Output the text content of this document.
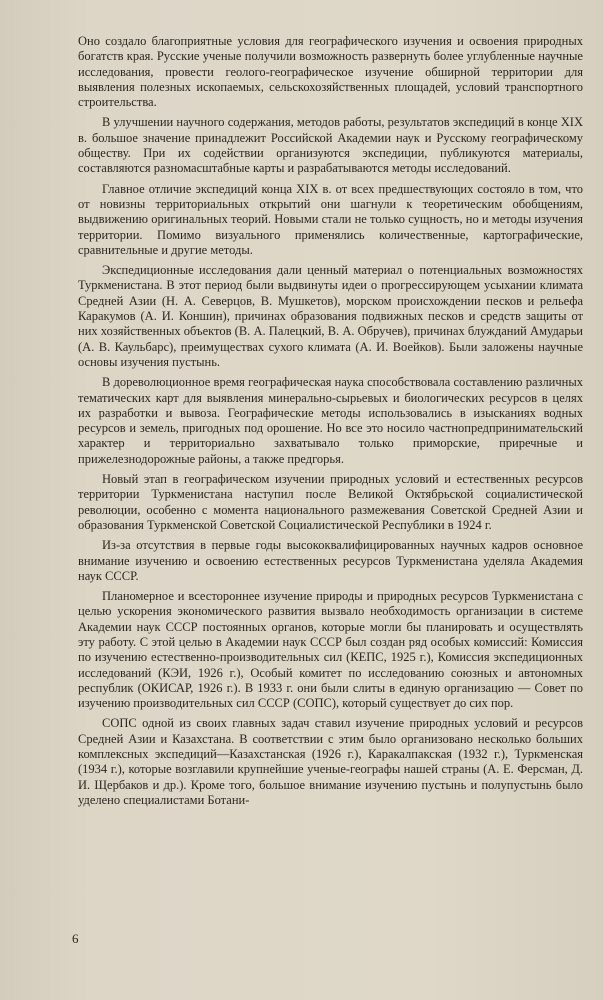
Оно создало благоприятные условия для географического изучения и освоения природных богатств края. Русские ученые получили возможность развернуть более углубленные научные исследования, провести геолого-географическое изучение обширной территории для выявления полезных ископаемых, сельскохозяйственных площадей, условий транспортного строительства.

В улучшении научного содержания, методов работы, результатов экспедиций в конце XIX в. большое значение принадлежит Российской Академии наук и Русскому географическому обществу. При их содействии организуются экспедиции, публикуются материалы, составляются разномасштабные карты и разрабатываются методы исследований.

Главное отличие экспедиций конца XIX в. от всех предшествующих состояло в том, что от новизны территориальных открытий они шагнули к теоретическим обобщениям, выдвижению оригинальных теорий. Новыми стали не только сущность, но и методы изучения территории. Помимо визуального применялись количественные, картографические, сравнительные и другие методы.

Экспедиционные исследования дали ценный материал о потенциальных возможностях Туркменистана. В этот период были выдвинуты идеи о прогрессирующем усыхании климата Средней Азии (Н. А. Северцов, В. Мушкетов), морском происхождении песков и рельефа Каракумов (А. И. Коншин), причинах образования подвижных песков и средств защиты от них хозяйственных объектов (В. А. Палецкий, В. А. Обручев), причинах блужданий Амударьи (А. В. Каульбарс), преимуществах сухого климата (А. И. Воейков). Были заложены научные основы изучения пустынь.

В дореволюционное время географическая наука способствовала составлению различных тематических карт для выявления минерально-сырьевых и биологических ресурсов в целях их разработки и вывоза. Географические методы использовались в изысканиях водных ресурсов и земель, пригодных под орошение. Но все это носило частнопредпринимательский характер и территориально захватывало только приморские, приречные и прижелезнодорожные районы, а также предгорья.

Новый этап в географическом изучении природных условий и естественных ресурсов территории Туркменистана наступил после Великой Октябрьской социалистической революции, особенно с момента национального размежевания Советской Средней Азии и образования Туркменской Советской Социалистической Республики в 1924 г.

Из-за отсутствия в первые годы высококвалифицированных научных кадров основное внимание изучению и освоению естественных ресурсов Туркменистана уделяла Академия наук СССР.

Планомерное и всестороннее изучение природы и природных ресурсов Туркменистана с целью ускорения экономического развития вызвало необходимость организации в системе Академии наук СССР постоянных органов, которые могли бы планировать и осуществлять эту работу. С этой целью в Академии наук СССР был создан ряд особых комиссий: Комиссия по изучению естественно-производительных сил (КЕПС, 1925 г.), Комиссия экспедиционных исследований (КЭИ, 1926 г.), Особый комитет по исследованию союзных и автономных республик (ОКИСАР, 1926 г.). В 1933 г. они были слиты в единую организацию — Совет по изучению производительных сил СССР (СОПС), который существует до сих пор.

СОПС одной из своих главных задач ставил изучение природных условий и ресурсов Средней Азии и Казахстана. В соответствии с этим было организовано несколько больших комплексных экспедиций—Казахстанская (1926 г.), Каракалпакская (1932 г.), Туркменская (1934 г.), которые возглавили крупнейшие ученые-географы нашей страны (А. Е. Ферсман, Д. И. Щербаков и др.). Кроме того, большое внимание изучению пустынь и полупустынь было уделено специалистами Ботани-

6
